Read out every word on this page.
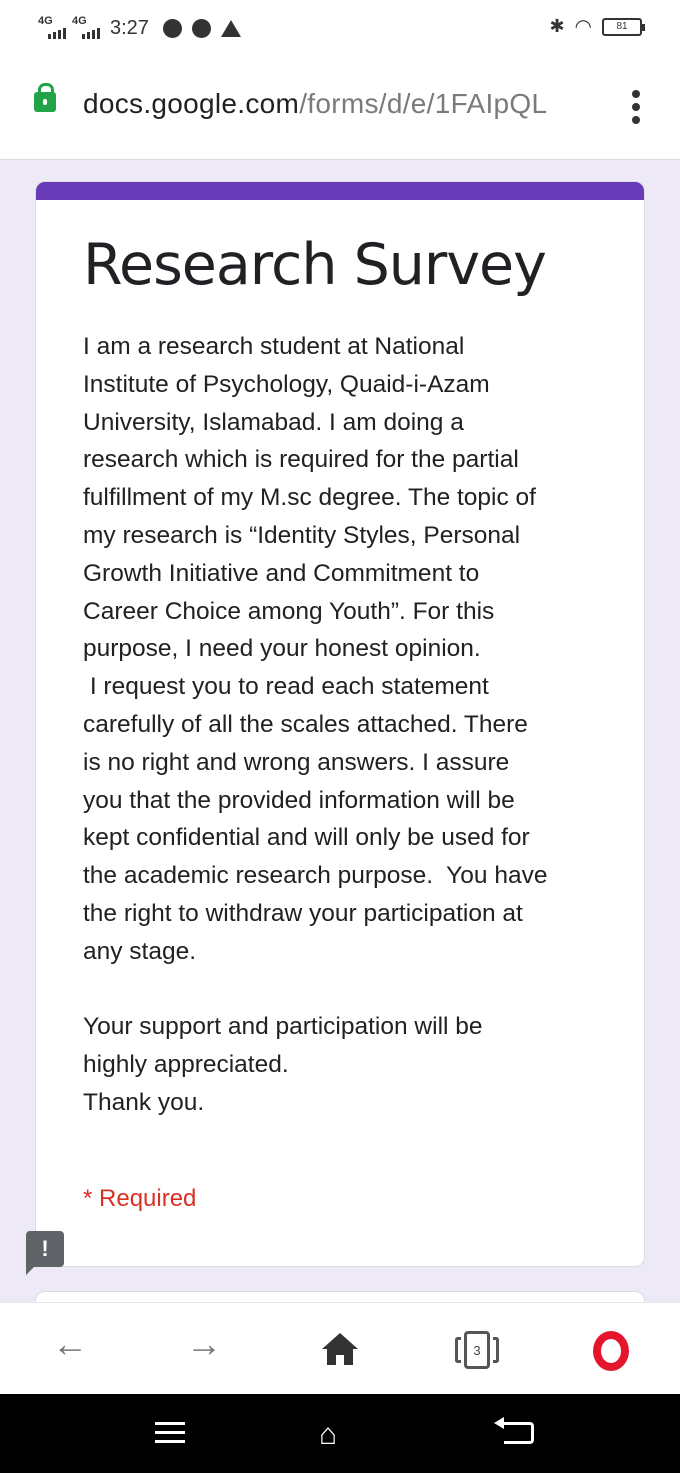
4G 4G 3:27	✱ ◠ 81
docs.google.com/forms/d/e/1FAIpQL
Research Survey
I am a research student at National
Institute of Psychology, Quaid-i-Azam
University, Islamabad. I am doing a
research which is required for the partial
fulfillment of my M.sc degree. The topic of
my research is “Identity Styles, Personal
Growth Initiative and Commitment to
Career Choice among Youth”. For this
purpose, I need your honest opinion.
I request you to read each statement
carefully of all the scales attached. There
is no right and wrong answers. I assure
you that the provided information will be
kept confidential and will only be used for
the academic research purpose.  You have
the right to withdraw your participation at
any stage.

Your support and participation will be
highly appreciated.
Thank you.
* Required
!
←	→	3
⌂
